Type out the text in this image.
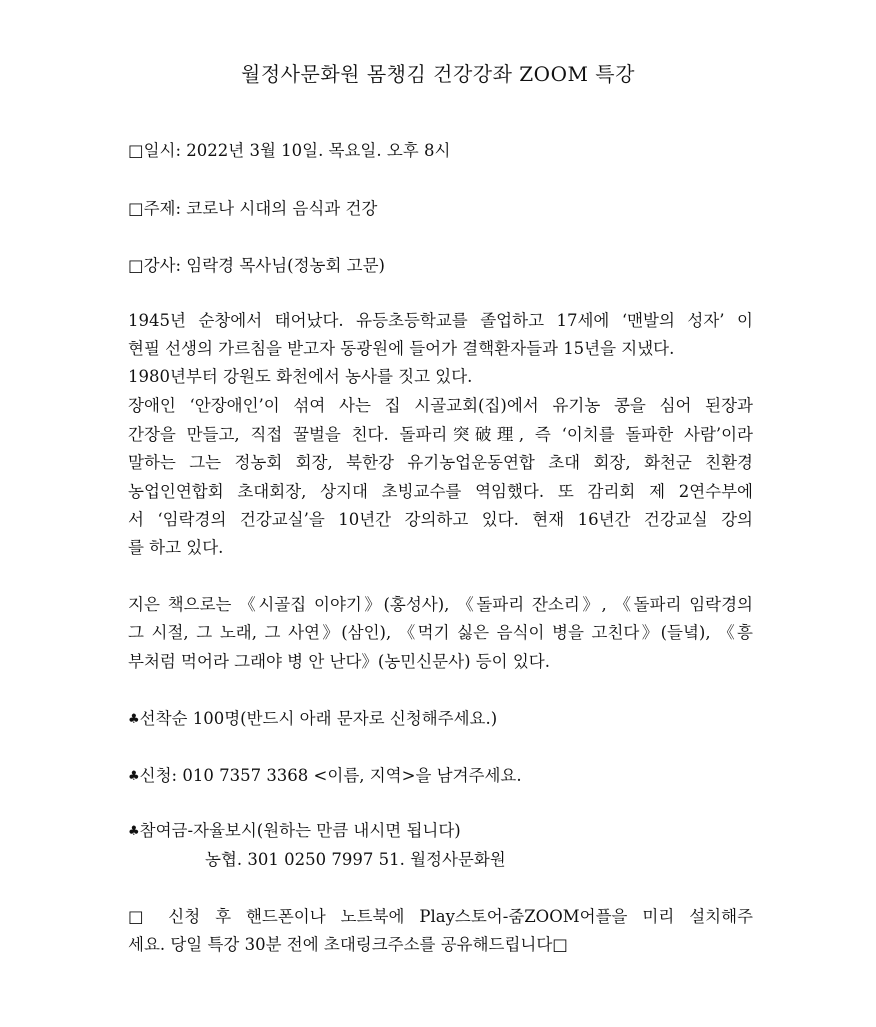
월정사문화원 몸챙김 건강강좌 ZOOM 특강
□일시: 2022년 3월 10일. 목요일. 오후 8시
□주제: 코로나 시대의 음식과 건강
□강사: 임락경 목사님(정농회 고문)
1945년 순창에서 태어났다. 유등초등학교를 졸업하고 17세에 ‘맨발의 성자’ 이
현필 선생의 가르침을 받고자 동광원에 들어가 결핵환자들과 15년을 지냈다.
1980년부터 강원도 화천에서 농사를 짓고 있다.
장애인 ‘안장애인’이 섞여 사는 집 시골교회(집)에서 유기농 콩을 심어 된장과
간장을 만들고, 직접 꿀벌을 친다. 돌파리突破理, 즉 ‘이치를 돌파한 사람’이라
말하는 그는 정농회 회장, 북한강 유기농업운동연합 초대 회장, 화천군 친환경
농업인연합회 초대회장, 상지대 초빙교수를 역임했다. 또 감리회 제 2연수부에
서 ‘임락경의 건강교실’을 10년간 강의하고 있다. 현재 16년간 건강교실 강의
를 하고 있다.
지은 책으로는 《시골집 이야기》(홍성사), 《돌파리 잔소리》, 《돌파리 임락경의
그 시절, 그 노래, 그 사연》(삼인), 《먹기 싫은 음식이 병을 고친다》(들녘), 《흥
부처럼 먹어라 그래야 병 안 난다》(농민신문사) 등이 있다.
♣선착순 100명(반드시 아래 문자로 신청해주세요.)
♣신청: 010 7357 3368 <이름, 지역>을 남겨주세요.
♣참여금-자율보시(원하는 만큼 내시면 됩니다)
농협. 301 0250 7997 51. 월정사문화원
□ 신청 후 핸드폰이나 노트북에 Play스토어-줌ZOOM어플을 미리 설치해주
세요. 당일 특강 30분 전에 초대링크주소를 공유해드립니다□
